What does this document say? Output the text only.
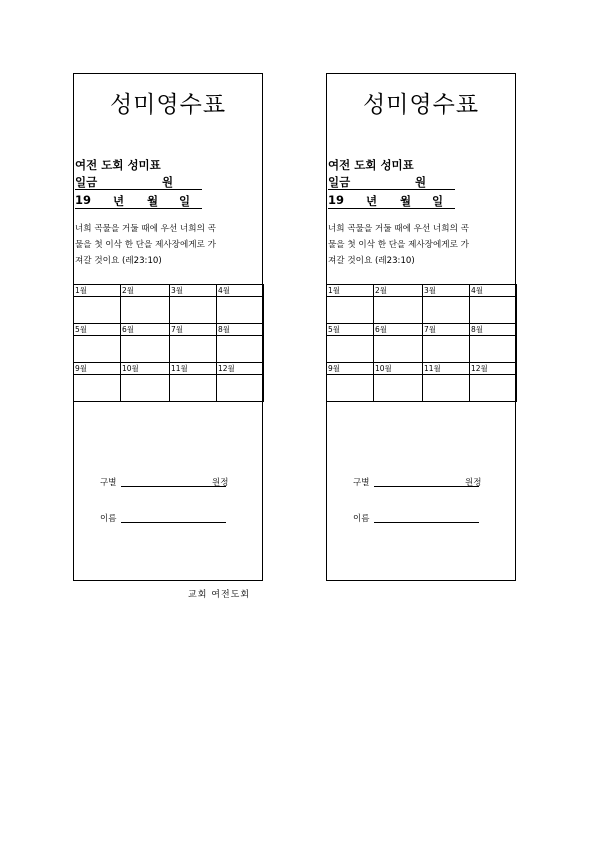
성미영수표
여전 도회 성미표
일금	원
19 년 월 일
너희 곡물을 거둘 때에 우선 너희의 곡
물을 첫 이삭 한 단을 제사장에게로 가
져갈 것이요 (레23:10)
1월	2월	3월	4월

5월	6월	7월	8월

9월	10월	11월	12월

구별	원정
이름
성미영수표
여전 도회 성미표
일금	원
19 년 월 일
너희 곡물을 거둘 때에 우선 너희의 곡
물을 첫 이삭 한 단을 제사장에게로 가
져갈 것이요 (레23:10)
1월	2월	3월	4월

5월	6월	7월	8월

9월	10월	11월	12월

구별	원정
이름
교회 여전도회
